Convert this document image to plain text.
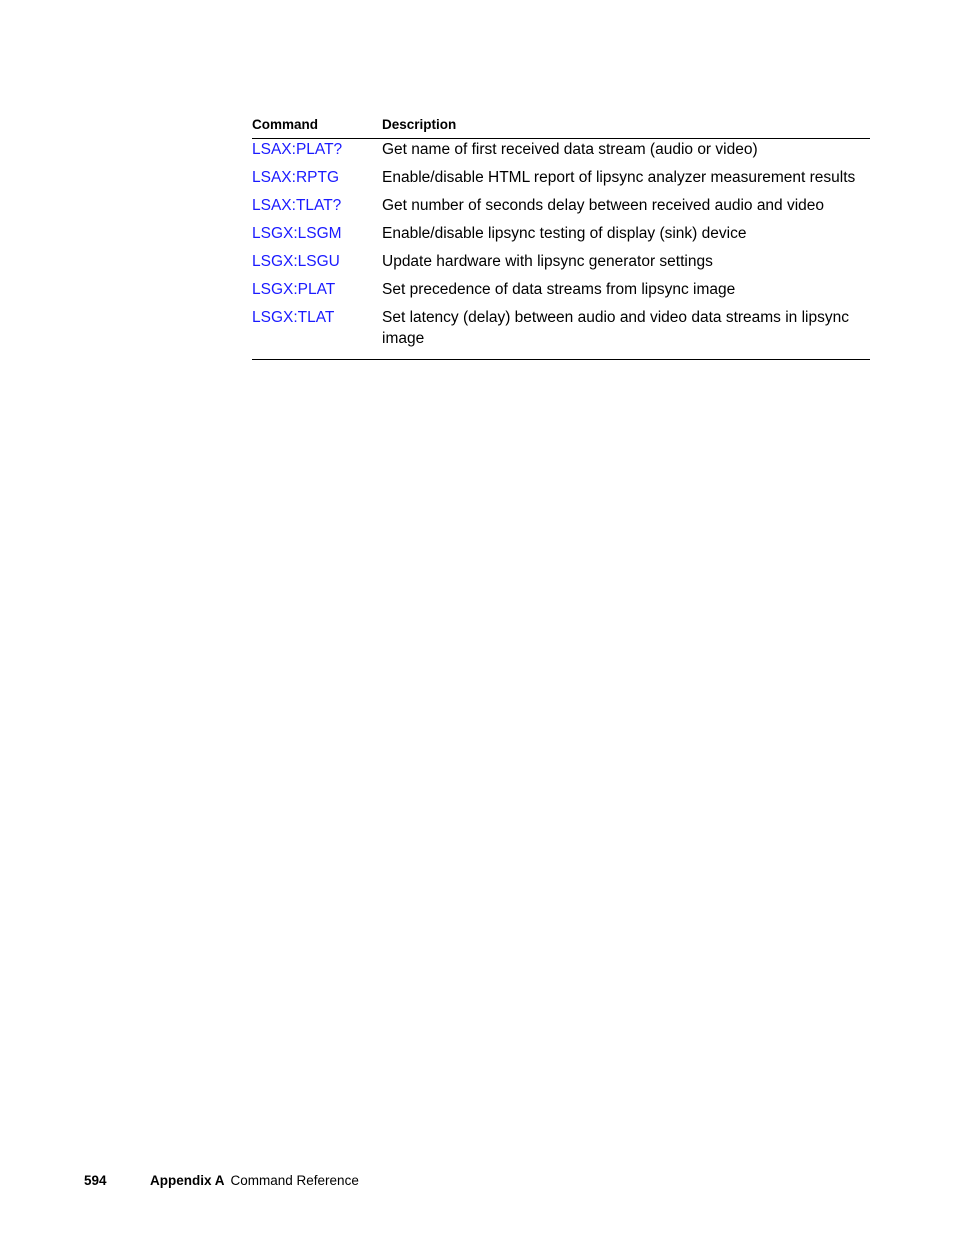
Command	Description
LSAX:PLAT?	Get name of first received data stream (audio or video)
LSAX:RPTG	Enable/disable HTML report of lipsync analyzer measurement results
LSAX:TLAT?	Get number of seconds delay between received audio and video
LSGX:LSGM	Enable/disable lipsync testing of display (sink) device
LSGX:LSGU	Update hardware with lipsync generator settings
LSGX:PLAT	Set precedence of data streams from lipsync image
LSGX:TLAT	Set latency (delay) between audio and video data streams in lipsync image
594	Appendix A Command Reference
